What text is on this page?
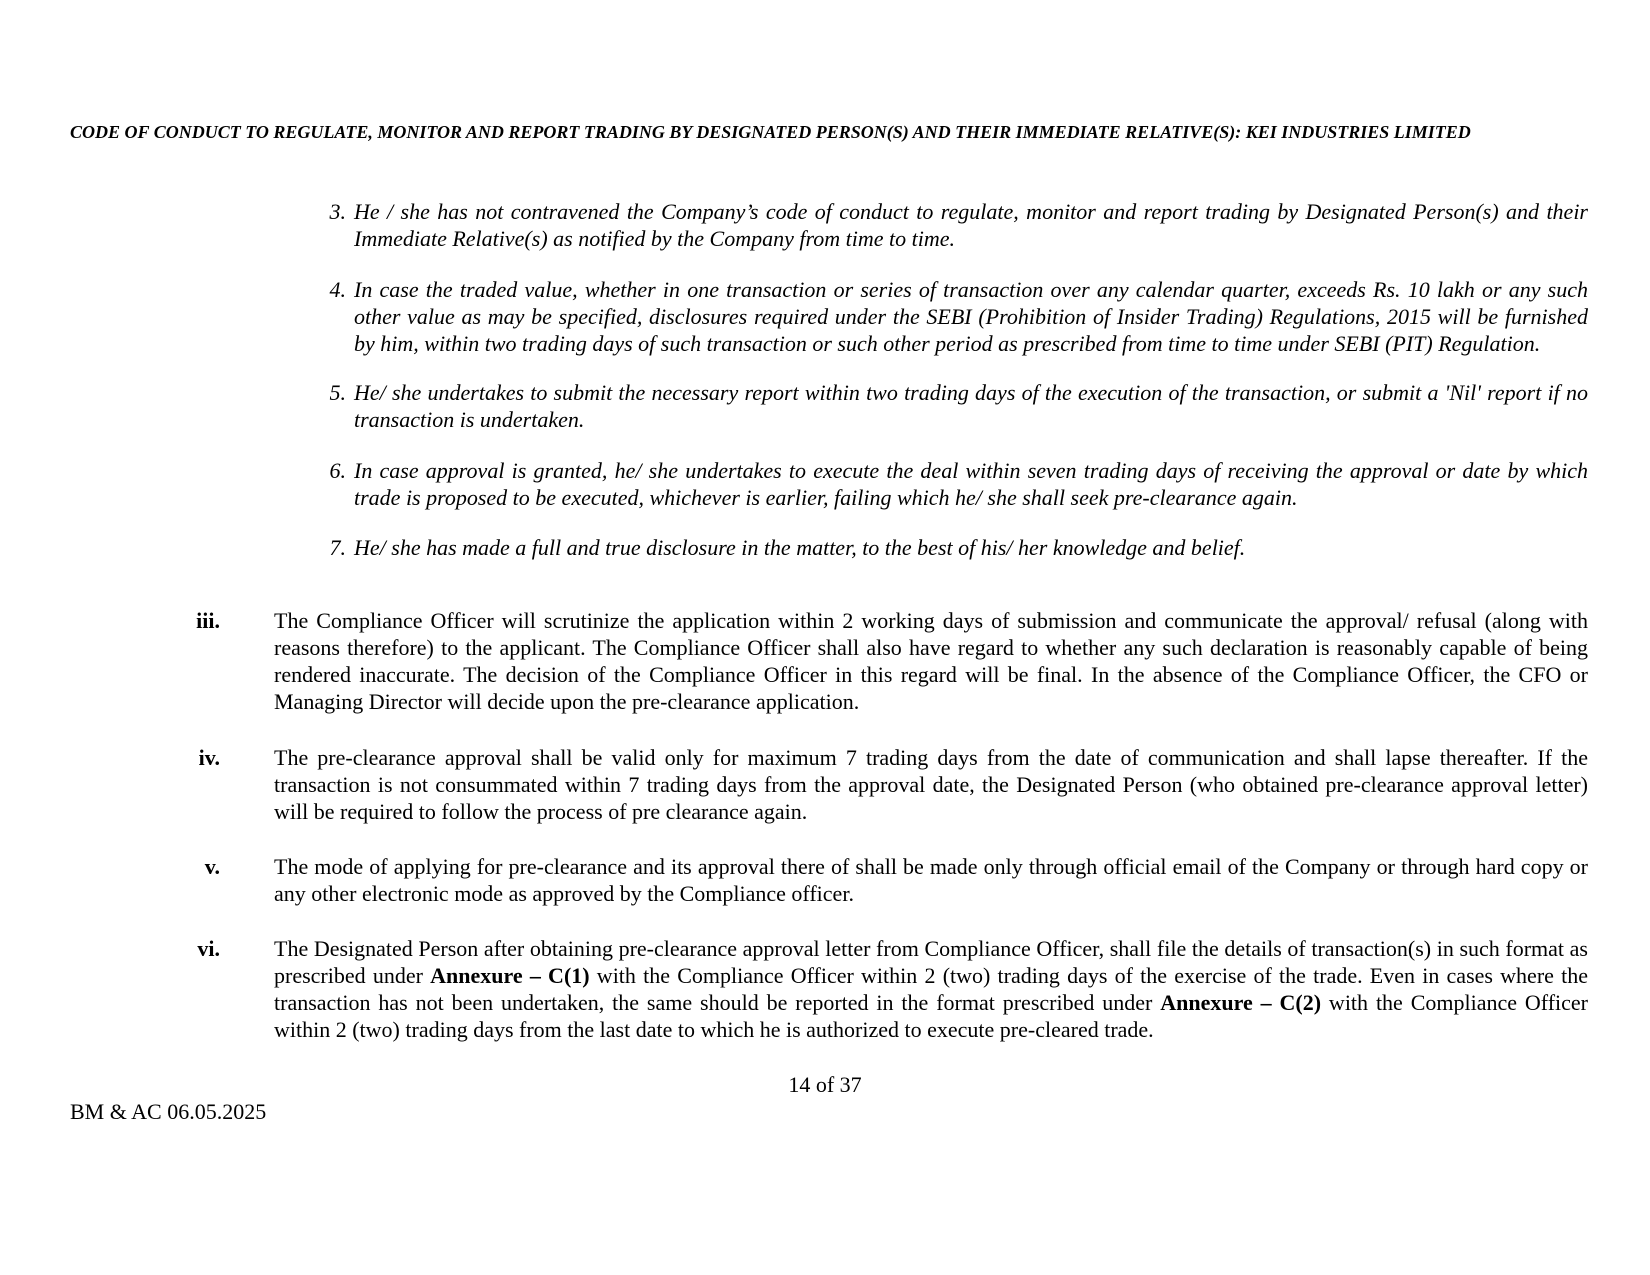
CODE OF CONDUCT TO REGULATE, MONITOR AND REPORT TRADING BY DESIGNATED PERSON(S) AND THEIR IMMEDIATE RELATIVE(S): KEI INDUSTRIES LIMITED
3. He / she has not contravened the Company’s code of conduct to regulate, monitor and report trading by Designated Person(s) and their Immediate Relative(s) as notified by the Company from time to time.
4. In case the traded value, whether in one transaction or series of transaction over any calendar quarter, exceeds Rs. 10 lakh or any such other value as may be specified, disclosures required under the SEBI (Prohibition of Insider Trading) Regulations, 2015 will be furnished by him, within two trading days of such transaction or such other period as prescribed from time to time under SEBI (PIT) Regulation.
5. He/ she undertakes to submit the necessary report within two trading days of the execution of the transaction, or submit a 'Nil' report if no transaction is undertaken.
6. In case approval is granted, he/ she undertakes to execute the deal within seven trading days of receiving the approval or date by which trade is proposed to be executed, whichever is earlier, failing which he/ she shall seek pre-clearance again.
7. He/ she has made a full and true disclosure in the matter, to the best of his/ her knowledge and belief.
iii.	The Compliance Officer will scrutinize the application within 2 working days of submission and communicate the approval/ refusal (along with reasons therefore) to the applicant. The Compliance Officer shall also have regard to whether any such declaration is reasonably capable of being rendered inaccurate. The decision of the Compliance Officer in this regard will be final. In the absence of the Compliance Officer, the CFO or Managing Director will decide upon the pre-clearance application.
iv.	The pre-clearance approval shall be valid only for maximum 7 trading days from the date of communication and shall lapse thereafter. If the transaction is not consummated within 7 trading days from the approval date, the Designated Person (who obtained pre-clearance approval letter) will be required to follow the process of pre clearance again.
v.	The mode of applying for pre-clearance and its approval there of shall be made only through official email of the Company or through hard copy or any other electronic mode as approved by the Compliance officer.
vi.	The Designated Person after obtaining pre-clearance approval letter from Compliance Officer, shall file the details of transaction(s) in such format as prescribed under Annexure – C(1) with the Compliance Officer within 2 (two) trading days of the exercise of the trade. Even in cases where the transaction has not been undertaken, the same should be reported in the format prescribed under Annexure – C(2) with the Compliance Officer within 2 (two) trading days from the last date to which he is authorized to execute pre-cleared trade.
14 of 37
BM & AC 06.05.2025
